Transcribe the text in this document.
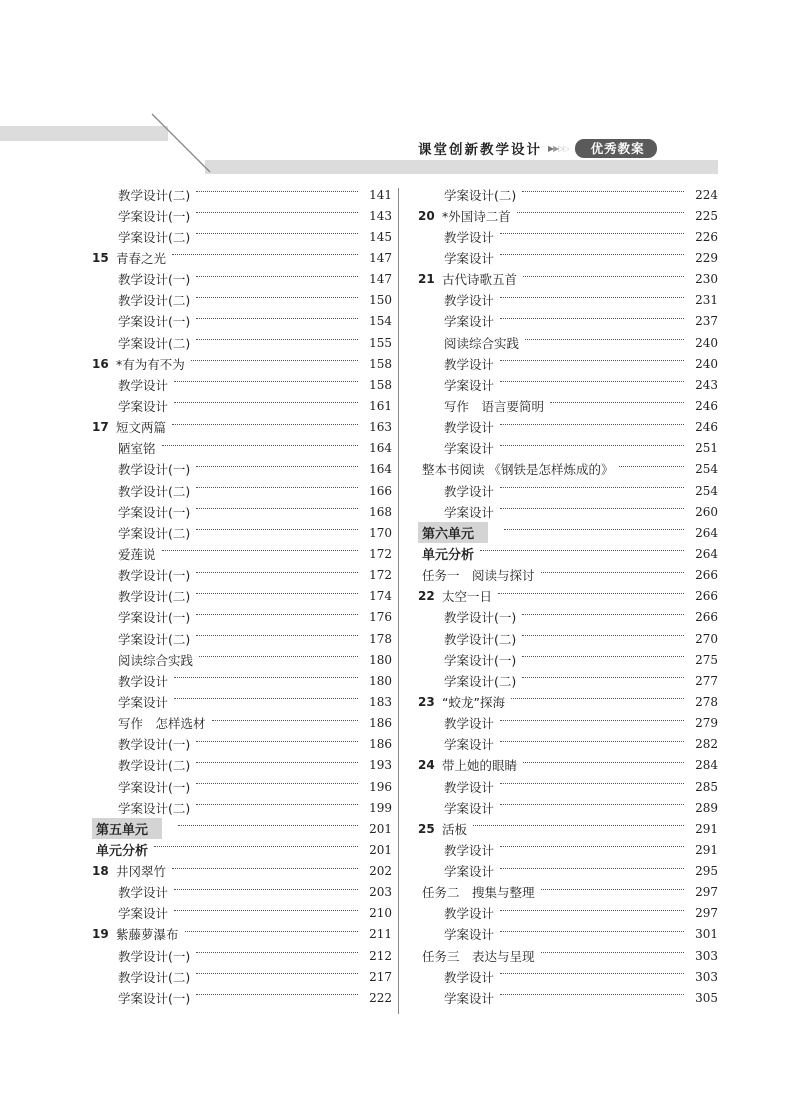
课堂创新教学设计 ▶▶▷▷	优秀教案
教学设计(二)	141
学案设计(一)	143
学案设计(二)	145
15 青春之光	147
教学设计(一)	147
教学设计(二)	150
学案设计(一)	154
学案设计(二)	155
16 *有为有不为	158
教学设计	158
学案设计	161
17 短文两篇	163
陋室铭	164
教学设计(一)	164
教学设计(二)	166
学案设计(一)	168
学案设计(二)	170
爱莲说	172
教学设计(一)	172
教学设计(二)	174
学案设计(一)	176
学案设计(二)	178
阅读综合实践	180
教学设计	180
学案设计	183
写作　怎样选材	186
教学设计(一)	186
教学设计(二)	193
学案设计(一)	196
学案设计(二)	199
第五单元	201
单元分析	201
18 井冈翠竹	202
教学设计	203
学案设计	210
19 紫藤萝瀑布	211
教学设计(一)	212
教学设计(二)	217
学案设计(一)	222
学案设计(二)	224
20 *外国诗二首	225
教学设计	226
学案设计	229
21 古代诗歌五首	230
教学设计	231
学案设计	237
阅读综合实践	240
教学设计	240
学案设计	243
写作　语言要简明	246
教学设计	246
学案设计	251
整本书阅读 《钢铁是怎样炼成的》	254
教学设计	254
学案设计	260
第六单元	264
单元分析	264
任务一　阅读与探讨	266
22 太空一日	266
教学设计(一)	266
教学设计(二)	270
学案设计(一)	275
学案设计(二)	277
23 “蛟龙”探海	278
教学设计	279
学案设计	282
24 带上她的眼睛	284
教学设计	285
学案设计	289
25 活板	291
教学设计	291
学案设计	295
任务二　搜集与整理	297
教学设计	297
学案设计	301
任务三　表达与呈现	303
教学设计	303
学案设计	305
